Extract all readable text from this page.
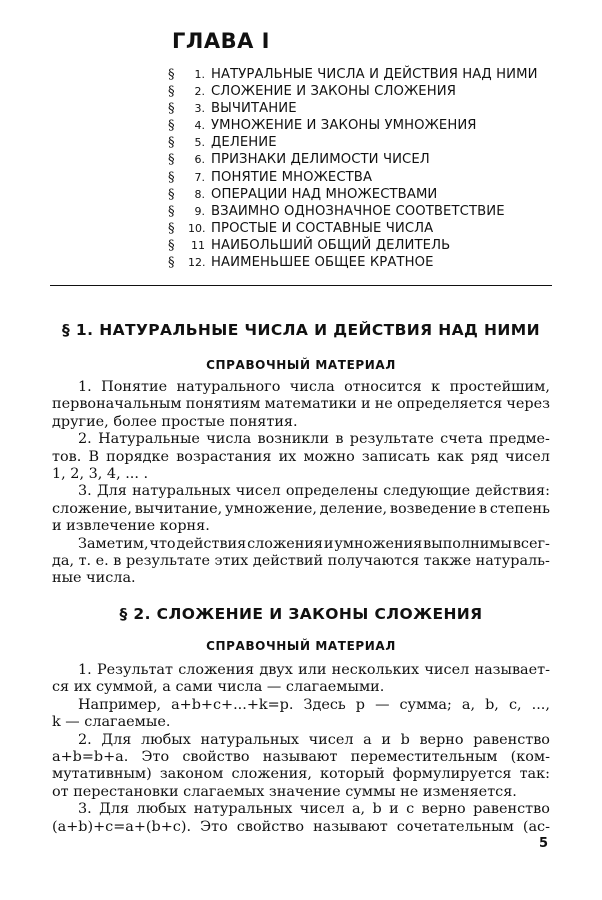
ГЛАВА I
§	1. НАТУРАЛЬНЫЕ ЧИСЛА И ДЕЙСТВИЯ НАД НИМИ
§	2. СЛОЖЕНИЕ И ЗАКОНЫ СЛОЖЕНИЯ
§	3. ВЫЧИТАНИЕ
§	4. УМНОЖЕНИЕ И ЗАКОНЫ УМНОЖЕНИЯ
§	5. ДЕЛЕНИЕ
§	6. ПРИЗНАКИ ДЕЛИМОСТИ ЧИСЕЛ
§	7. ПОНЯТИЕ МНОЖЕСТВА
§	8. ОПЕРАЦИИ НАД МНОЖЕСТВАМИ
§	9. ВЗАИМНО ОДНОЗНАЧНОЕ СООТВЕТСТВИЕ
§	10. ПРОСТЫЕ И СОСТАВНЫЕ ЧИСЛА
§	11 НАИБОЛЬШИЙ ОБЩИЙ ДЕЛИТЕЛЬ
§	12. НАИМЕНЬШЕЕ ОБЩЕЕ КРАТНОЕ
§ 1. НАТУРАЛЬНЫЕ ЧИСЛА И ДЕЙСТВИЯ НАД НИМИ
СПРАВОЧНЫЙ МАТЕРИАЛ
1. Понятие натурального числа относится к простейшим,
первоначальным понятиям математики и не определяется через
другие, более простые понятия.
2. Натуральные числа возникли в результате счета предме-
тов. В порядке возрастания их можно записать как ряд чисел
1, 2, 3, 4, ... .
3. Для натуральных чисел определены следующие действия:
сложение, вычитание, умножение, деление, возведение в степень
и извлечение корня.
Заметим, что действия сложения и умножения выполнимы всег-
да, т. е. в результате этих действий получаются также натураль-
ные числа.
§ 2. СЛОЖЕНИЕ И ЗАКОНЫ СЛОЖЕНИЯ
СПРАВОЧНЫЙ МАТЕРИАЛ
1. Результат сложения двух или нескольких чисел называет-
ся их суммой, а сами числа — слагаемыми.
Например, a+b+c+...+k=p. Здесь p — сумма; a, b, c, ...,
k — слагаемые.
2. Для любых натуральных чисел a и b верно равенство
a+b=b+a. Это свойство называют переместительным (ком-
мутативным) законом сложения, который формулируется так:
от перестановки слагаемых значение суммы не изменяется.
3. Для любых натуральных чисел a, b и c верно равенство
(a+b)+c=a+(b+c). Это свойство называют сочетательным (ас-
5
